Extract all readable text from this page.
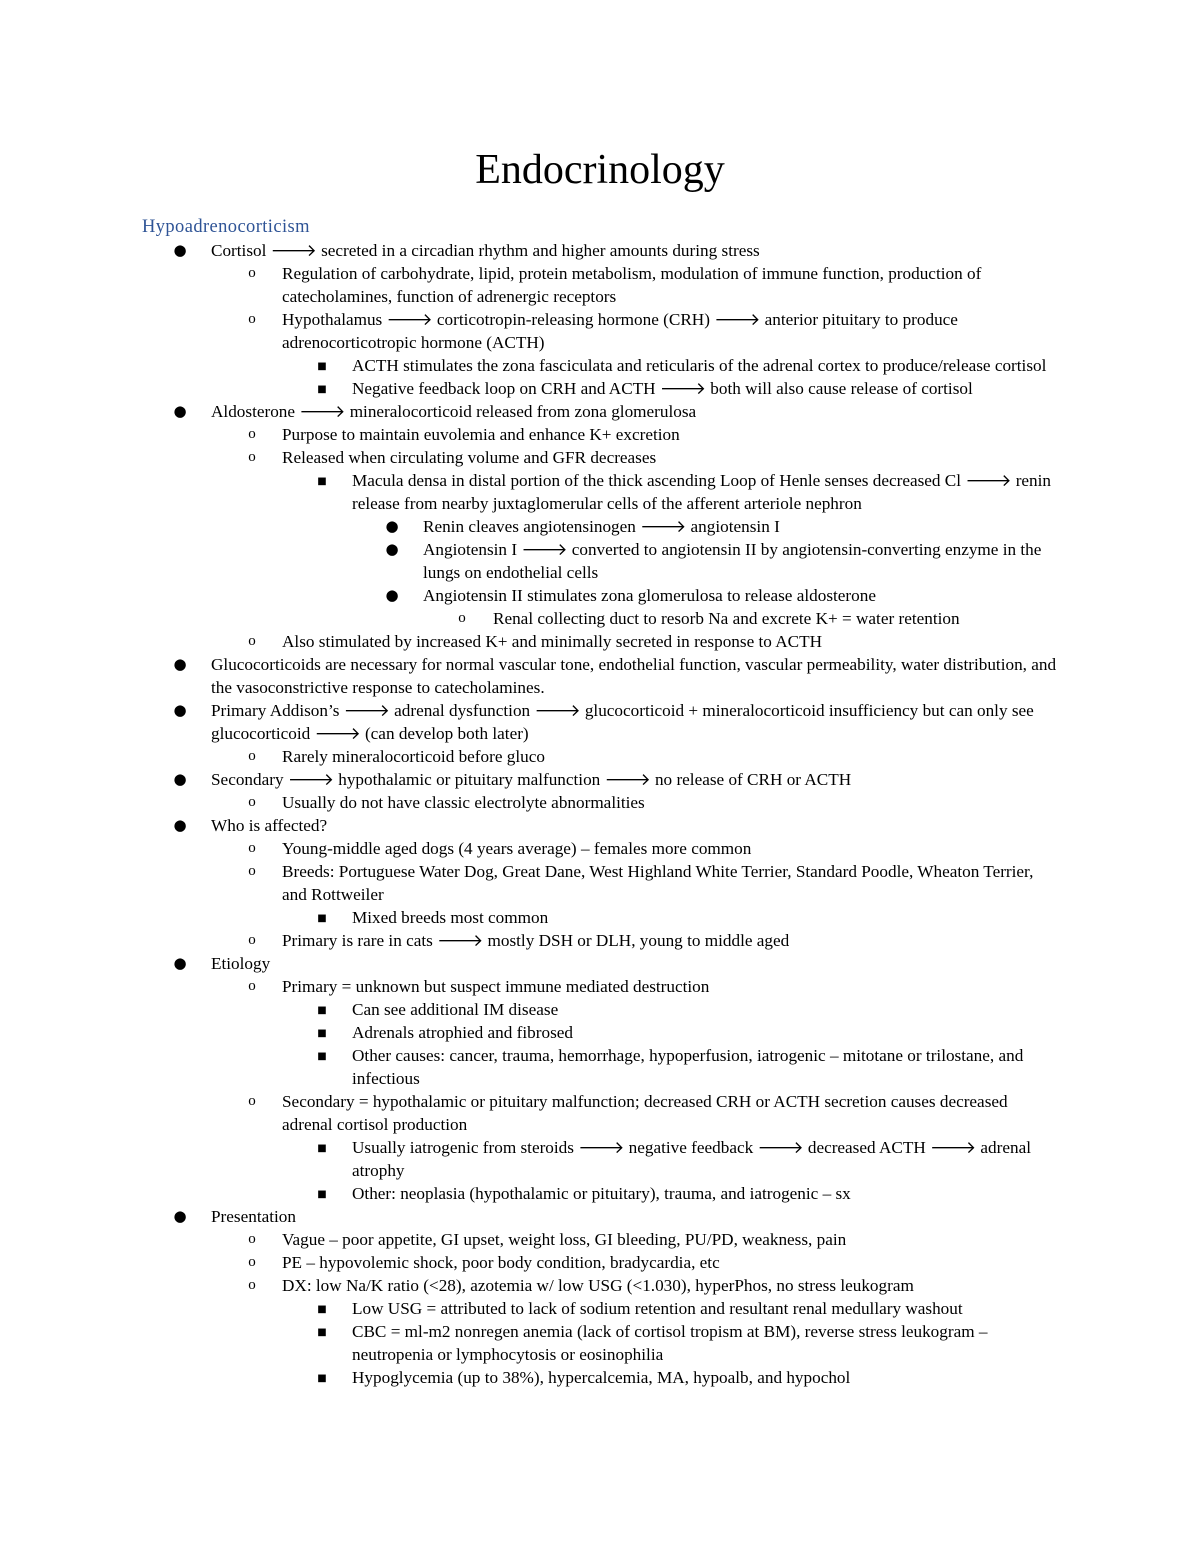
Endocrinology
Hypoadrenocorticism
● Cortisol 🡒 secreted in a circadian rhythm and higher amounts during stress
o	Regulation of carbohydrate, lipid, protein metabolism, modulation of immune function, production of catecholamines, function of adrenergic receptors
o	Hypothalamus 🡒 corticotropin-releasing hormone (CRH) 🡒 anterior pituitary to produce adrenocorticotropic hormone (ACTH)
■	ACTH stimulates the zona fasciculata and reticularis of the adrenal cortex to produce/release cortisol
■	Negative feedback loop on CRH and ACTH 🡒 both will also cause release of cortisol
● Aldosterone 🡒 mineralocorticoid released from zona glomerulosa
o	Purpose to maintain euvolemia and enhance K+ excretion
o	Released when circulating volume and GFR decreases
■	Macula densa in distal portion of the thick ascending Loop of Henle senses decreased Cl 🡒 renin release from nearby juxtaglomerular cells of the afferent arteriole nephron
● Renin cleaves angiotensinogen 🡒 angiotensin I
● Angiotensin I 🡒 converted to angiotensin II by angiotensin-converting enzyme in the lungs on endothelial cells
● Angiotensin II stimulates zona glomerulosa to release aldosterone
o	Renal collecting duct to resorb Na and excrete K+ = water retention
o	Also stimulated by increased K+ and minimally secreted in response to ACTH
● Glucocorticoids are necessary for normal vascular tone, endothelial function, vascular permeability, water distribution, and the vasoconstrictive response to catecholamines.
● Primary Addison’s 🡒 adrenal dysfunction 🡒 glucocorticoid + mineralocorticoid insufficiency but can only see glucocorticoid 🡒 (can develop both later)
o	Rarely mineralocorticoid before gluco
● Secondary 🡒 hypothalamic or pituitary malfunction 🡒 no release of CRH or ACTH
o	Usually do not have classic electrolyte abnormalities
● Who is affected?
o	Young-middle aged dogs (4 years average) – females more common
o	Breeds: Portuguese Water Dog, Great Dane, West Highland White Terrier, Standard Poodle, Wheaton Terrier, and Rottweiler
■	Mixed breeds most common
o	Primary is rare in cats 🡒 mostly DSH or DLH, young to middle aged
● Etiology
o	Primary = unknown but suspect immune mediated destruction
■	Can see additional IM disease
■	Adrenals atrophied and fibrosed
■	Other causes: cancer, trauma, hemorrhage, hypoperfusion, iatrogenic – mitotane or trilostane, and infectious
o	Secondary = hypothalamic or pituitary malfunction; decreased CRH or ACTH secretion causes decreased adrenal cortisol production
■	Usually iatrogenic from steroids 🡒 negative feedback 🡒 decreased ACTH 🡒 adrenal atrophy
■	Other: neoplasia (hypothalamic or pituitary), trauma, and iatrogenic – sx
● Presentation
o	Vague – poor appetite, GI upset, weight loss, GI bleeding, PU/PD, weakness, pain
o	PE – hypovolemic shock, poor body condition, bradycardia, etc
o	DX: low Na/K ratio (<28), azotemia w/ low USG (<1.030), hyperPhos, no stress leukogram
■	Low USG = attributed to lack of sodium retention and resultant renal medullary washout
■	CBC = ml-m2 nonregen anemia (lack of cortisol tropism at BM), reverse stress leukogram – neutropenia or lymphocytosis or eosinophilia
■	Hypoglycemia (up to 38%), hypercalcemia, MA, hypoalb, and hypochol
